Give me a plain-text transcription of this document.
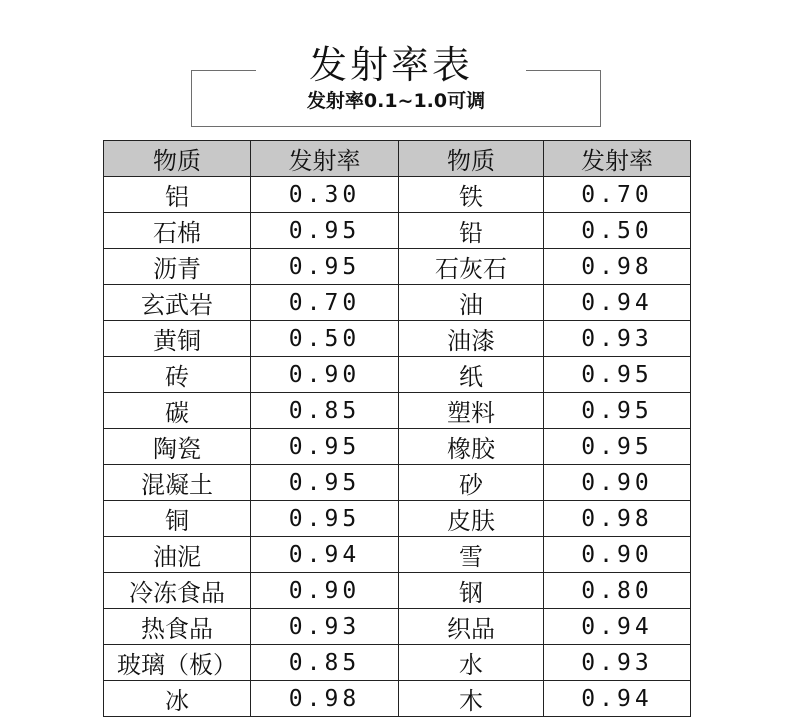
发射率表
发射率0.1~1.0可调
物质	发射率	物质	发射率
铝	0.30	铁	0.70
石棉	0.95	铅	0.50
沥青	0.95	石灰石	0.98
玄武岩	0.70	油	0.94
黄铜	0.50	油漆	0.93
砖	0.90	纸	0.95
碳	0.85	塑料	0.95
陶瓷	0.95	橡胶	0.95
混凝土	0.95	砂	0.90
铜	0.95	皮肤	0.98
油泥	0.94	雪	0.90
冷冻食品	0.90	钢	0.80
热食品	0.93	织品	0.94
玻璃（板）	0.85	水	0.93
冰	0.98	木	0.94
